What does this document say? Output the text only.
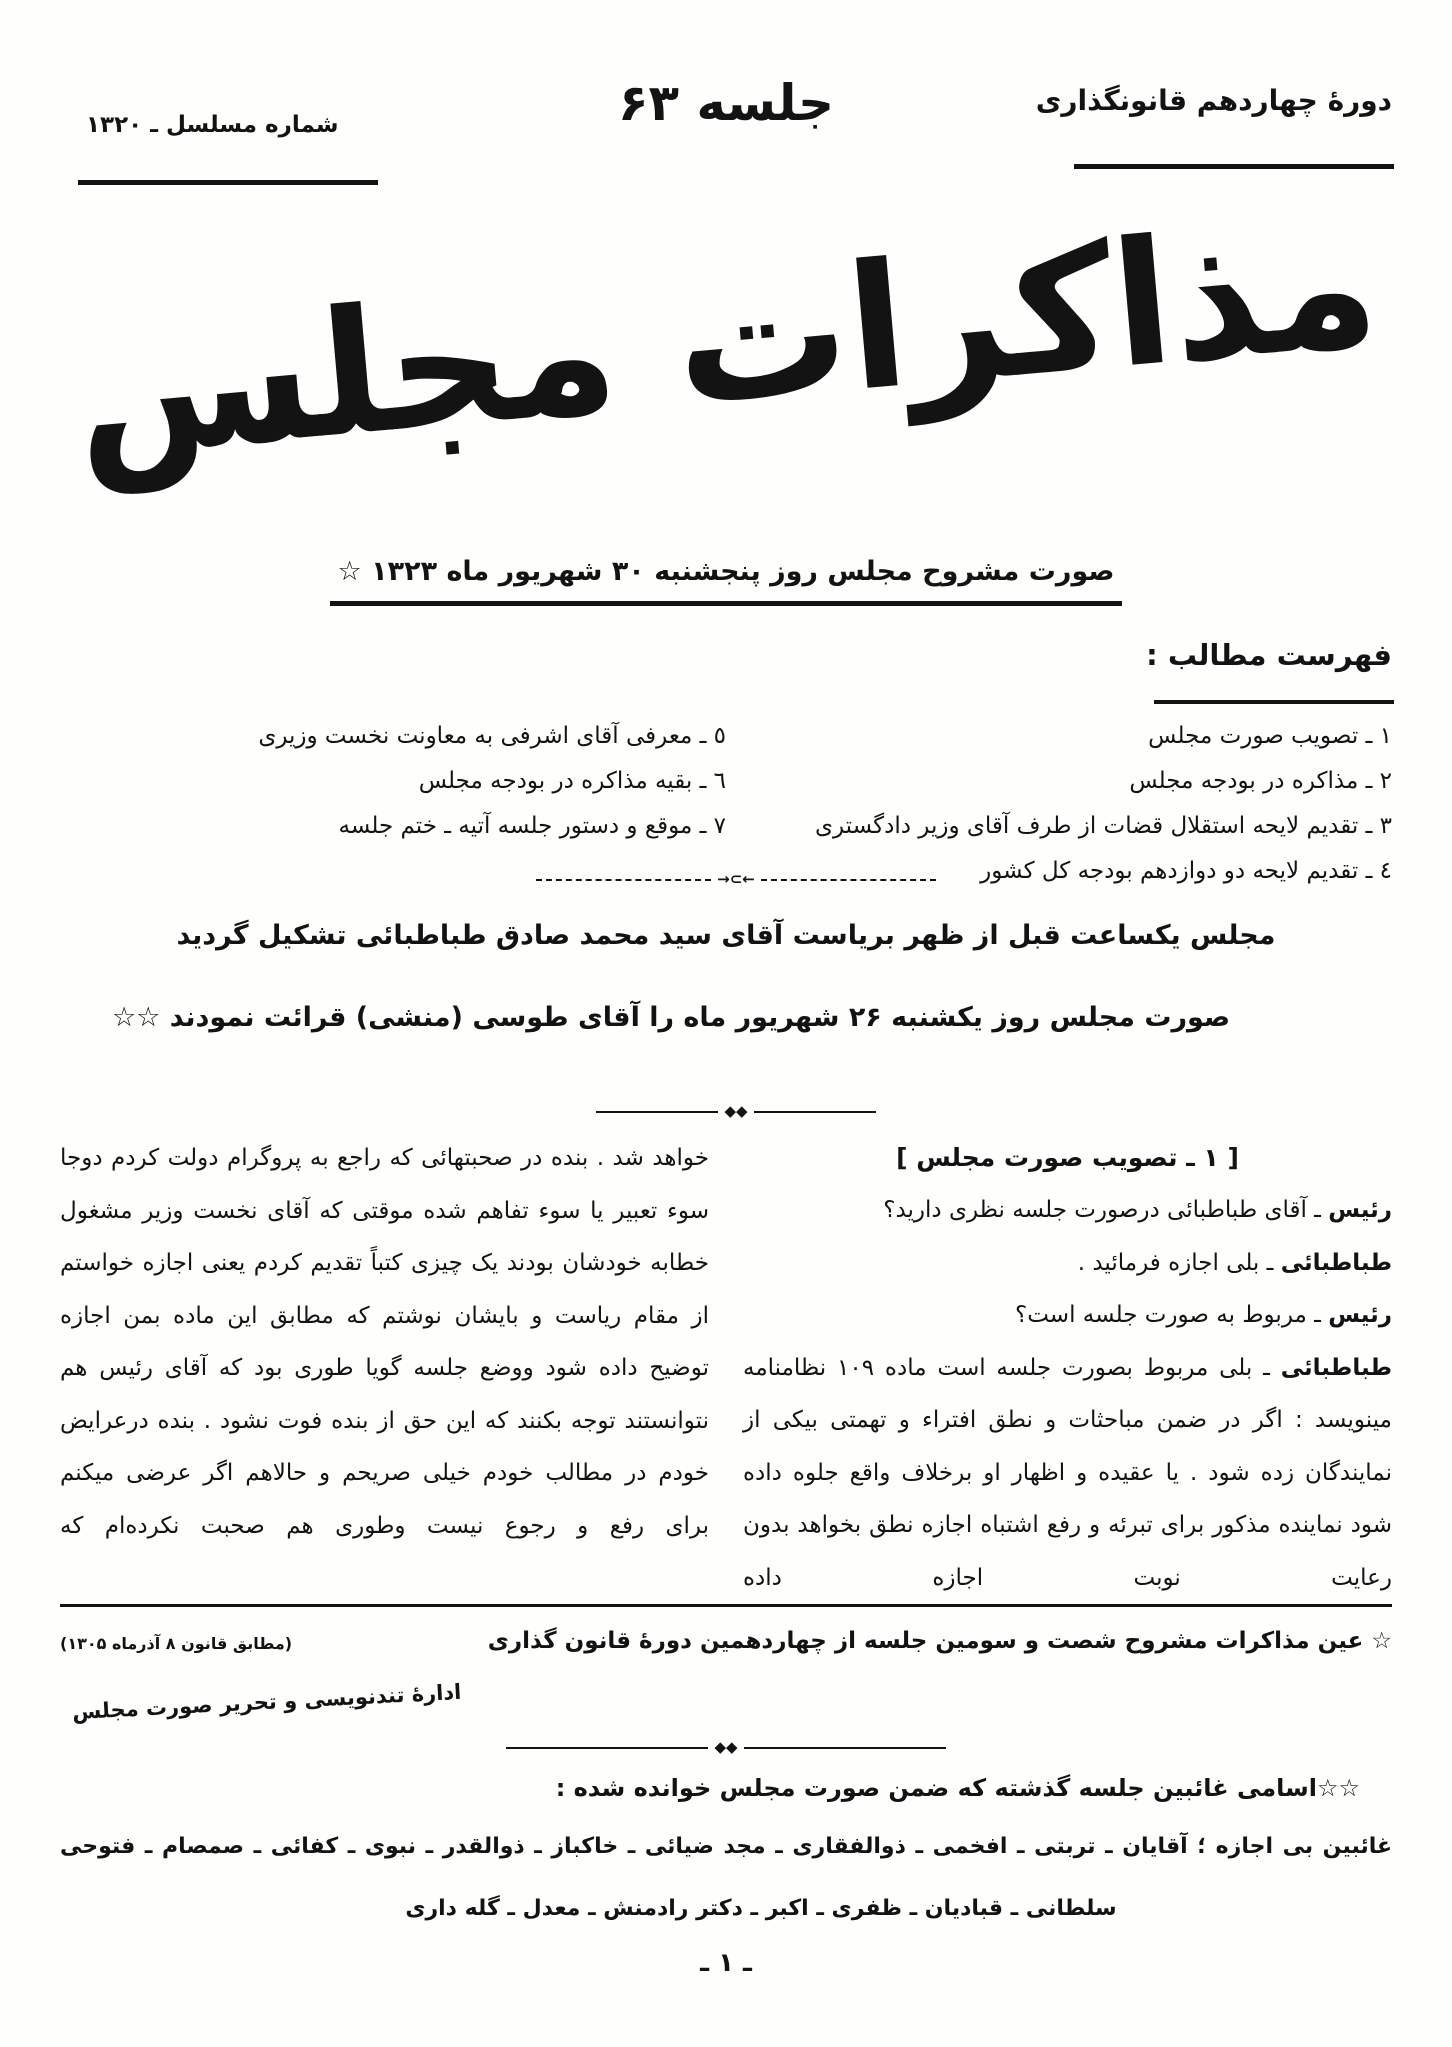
دورۀ چهاردهم قانونگذاری
جلسه ۶۳
شماره مسلسل ـ ۱۳۲۰
مذاکرات مجلس
صورت مشروح مجلس روز پنجشنبه ۳۰ شهریور ماه ۱۳۲۳ ☆
فهرست مطالب :
۱ ـ تصویب صورت مجلس
۲ ـ مذاکره در بودجه مجلس
۳ ـ تقدیم لایحه استقلال قضات از طرف آقای وزیر دادگستری
٤ ـ تقدیم لایحه دو دوازدهم بودجه کل کشور
٥ ـ معرفی آقای اشرفی به معاونت نخست وزیری
٦ ـ بقیه مذاکره در بودجه مجلس
٧ ـ موقع و دستور جلسه آتیه ـ ختم جلسه
→⊂←
مجلس یکساعت قبل از ظهر بریاست آقای سید محمد صادق طباطبائی تشکیل گردید
صورت مجلس روز یکشنبه ۲۶ شهریور ماه را آقای طوسی (منشی) قرائت نمودند ☆☆
◆◆

[ ۱ ـ تصویب صورت مجلس ]

رئیس ـ آقای طباطبائی درصورت جلسه نظری دارید؟

طباطبائی ـ بلی اجازه فرمائید .

رئیس ـ مربوط به صورت جلسه است؟

طباطبائی ـ بلی مربوط بصورت جلسه است ماده ۱۰۹ نظامنامه مینویسد : اگر در ضمن مباحثات و نطق افتراء و تهمتی بیکی از نمایندگان زده شود . یا عقیده و اظهار او برخلاف واقع جلوه داده شود نماینده مذکور برای تبرئه و رفع اشتباه اجازه نطق بخواهد بدون رعایت نوبت اجازه داده

خواهد شد . بنده در صحبتهائی که راجع به پروگرام دولت کردم دوجا سوء تعبیر یا سوء تفاهم شده موقتی که آقای نخست وزیر مشغول خطابه خودشان بودند یک چیزی کتباً تقدیم کردم یعنی اجازه خواستم از مقام ریاست و بایشان نوشتم که مطابق این ماده بمن اجازه توضیح داده شود ووضع جلسه گویا طوری بود که آقای رئیس هم نتوانستند توجه بکنند که این حق از بنده فوت نشود . بنده درعرایض خودم در مطالب خودم خیلی صریحم و حالاهم اگر عرضی میکنم برای رفع و رجوع نیست وطوری هم صحبت نکرده‌ام که

☆ عین مذاکرات مشروح شصت و سومین جلسه از چهاردهمین دورۀ قانون گذاری
(مطابق قانون ۸ آذرماه ۱۳۰۵)
ادارۀ تندنویسی و تحریر صورت مجلس
◆◆
☆☆اسامی غائبین جلسه گذشته که ضمن صورت مجلس خوانده شده :
غائبین بی اجازه ؛ آقایان ـ تربتی ـ افخمی ـ ذوالفقاری ـ مجد ضیائی ـ خاکباز ـ ذوالقدر ـ نبوی ـ کفائی ـ صمصام ـ فتوحی
سلطانی ـ قبادیان ـ ظفری ـ اکبر ـ دکتر رادمنش ـ معدل ـ گله داری
ـ ۱ ـ
